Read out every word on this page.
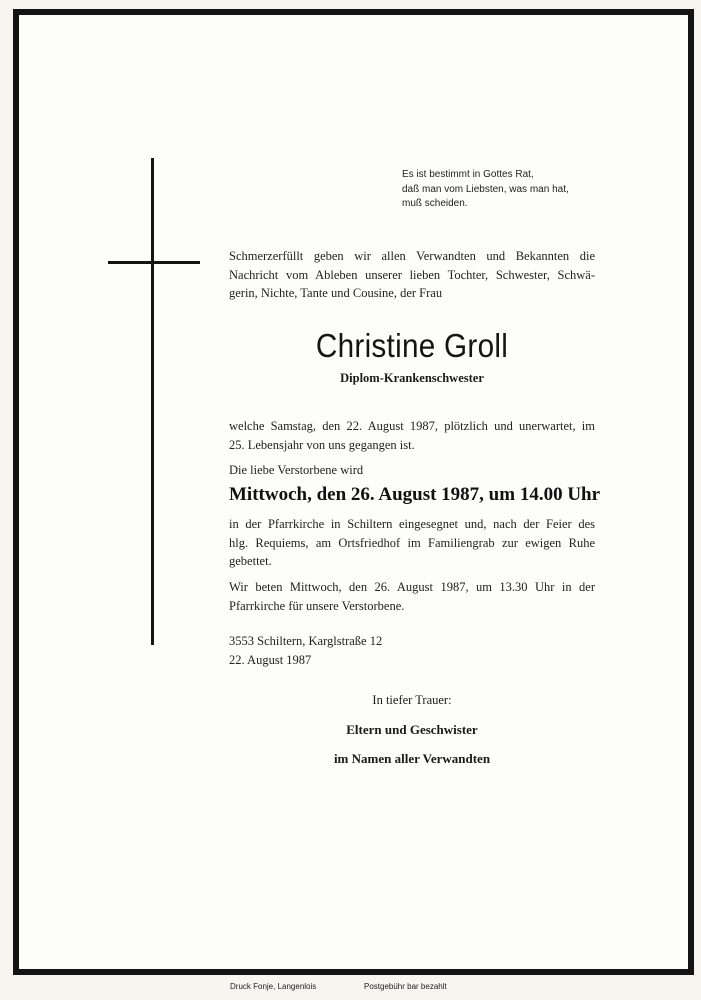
Es ist bestimmt in Gottes Rat,
daß man vom Liebsten, was man hat,
muß scheiden.
Schmerzerfüllt geben wir allen Verwandten und Bekannten die
Nachricht vom Ableben unserer lieben Tochter, Schwester, Schwä-
gerin, Nichte, Tante und Cousine, der Frau
Christine Groll
Diplom-Krankenschwester
welche Samstag, den 22. August 1987, plötzlich und unerwartet, im
25. Lebensjahr von uns gegangen ist.
Die liebe Verstorbene wird
Mittwoch, den 26. August 1987, um 14.00 Uhr
in der Pfarrkirche in Schiltern eingesegnet und, nach der Feier des
hlg. Requiems, am Ortsfriedhof im Familiengrab zur ewigen Ruhe
gebettet.
Wir beten Mittwoch, den 26. August 1987, um 13.30 Uhr in der
Pfarrkirche für unsere Verstorbene.
3553 Schiltern, Karglstraße 12
22. August 1987
In tiefer Trauer:
Eltern und Geschwister
im Namen aller Verwandten
Druck Fonje, Langenlois	Postgebühr bar bezahlt
